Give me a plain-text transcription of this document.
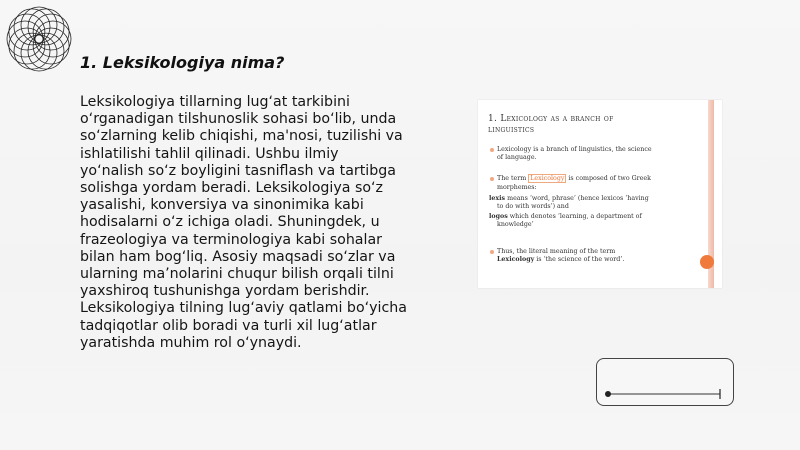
1. Leksikologiya nima?
Leksikologiya tillarning lug‘at tarkibini
o‘rganadigan tilshunoslik sohasi bo‘lib, unda
so‘zlarning kelib chiqishi, ma'nosi, tuzilishi va
ishlatilishi tahlil qilinadi. Ushbu ilmiy
yo‘nalish so‘z boyligini tasniflash va tartibga
solishga yordam beradi. Leksikologiya so‘z
yasalishi, konversiya va sinonimika kabi
hodisalarni o‘z ichiga oladi. Shuningdek, u
frazeologiya va terminologiya kabi sohalar
bilan ham bog‘liq. Asosiy maqsadi so‘zlar va
ularning ma’nolarini chuqur bilish orqali tilni
yaxshiroq tushunishga yordam berishdir.
Leksikologiya tilning lug‘aviy qatlami bo‘yicha
tadqiqotlar olib boradi va turli xil lug‘atlar
yaratishda muhim rol o‘ynaydi.
1. Lexicology as a branch of
linguistics
Lexicology is a branch of linguistics, the science
of language.
The term Lexicology is composed of two Greek
morphemes:
lexis means ‘word, phrase’ (hence lexicos ‘having
to do with words’) and
logos which denotes ‘learning, a department of
knowledge’
Thus, the literal meaning of the term
Lexicology is ‘the science of the word’.
